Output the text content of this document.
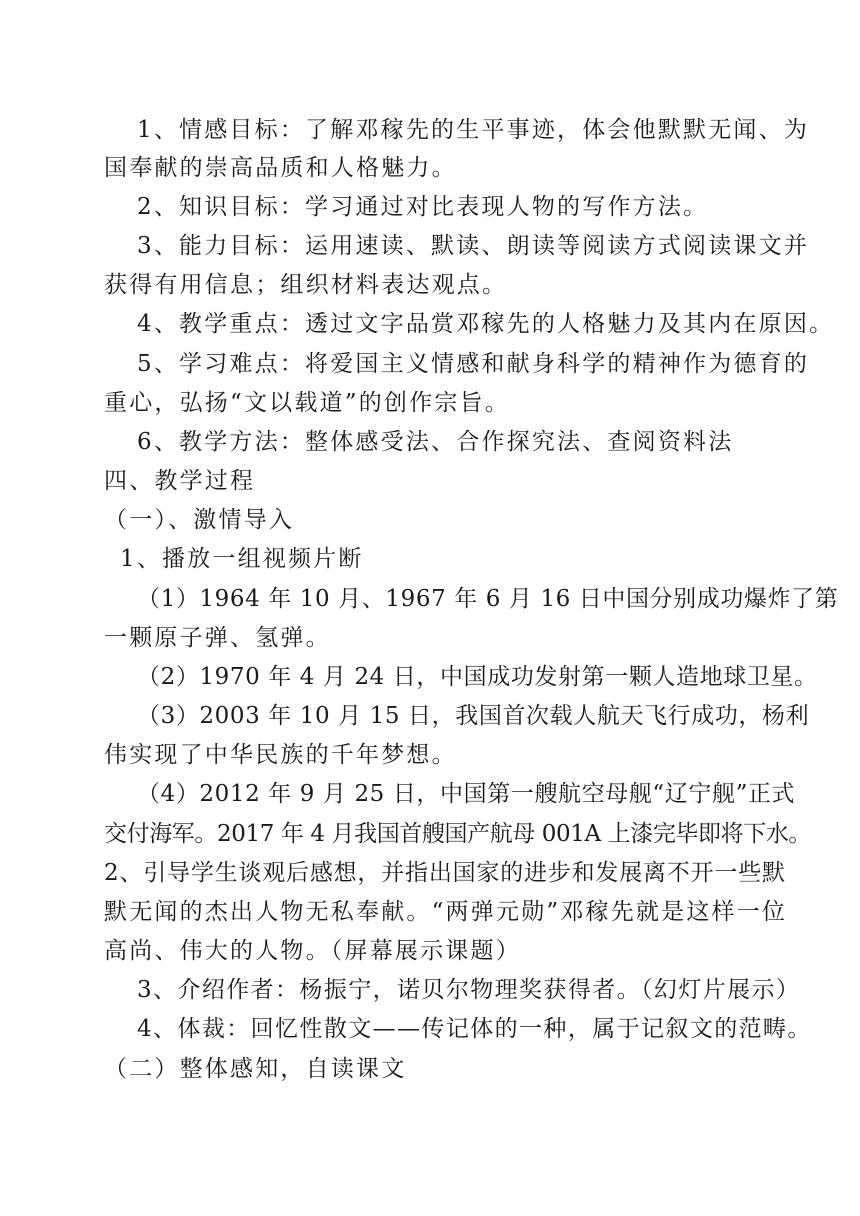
1、情感目标：了解邓稼先的生平事迹，体会他默默无闻、为
国奉献的崇高品质和人格魅力。
2、知识目标：学习通过对比表现人物的写作方法。
3、能力目标：运用速读、默读、朗读等阅读方式阅读课文并
获得有用信息；组织材料表达观点。
4、教学重点：透过文字品赏邓稼先的人格魅力及其内在原因。
5、学习难点：将爱国主义情感和献身科学的精神作为德育的
重心，弘扬“文以载道”的创作宗旨。
6、教学方法：整体感受法、合作探究法、查阅资料法
四、教学过程
（一）、激情导入
1、播放一组视频片断
（1）1964 年 10 月、1967 年 6 月 16 日中国分别成功爆炸了第
一颗原子弹、氢弹。
（2）1970 年 4 月 24 日，中国成功发射第一颗人造地球卫星。
（3）2003 年 10 月 15 日，我国首次载人航天飞行成功，杨利
伟实现了中华民族的千年梦想。
（4）2012 年 9 月 25 日，中国第一艘航空母舰“辽宁舰”正式
交付海军。2017 年 4 月我国首艘国产航母 001A 上漆完毕即将下水。
2、引导学生谈观后感想，并指出国家的进步和发展离不开一些默
默无闻的杰出人物无私奉献。“两弹元勋”邓稼先就是这样一位
高尚、伟大的人物。（屏幕展示课题）
3、介绍作者：杨振宁，诺贝尔物理奖获得者。（幻灯片展示）
4、体裁：回忆性散文——传记体的一种，属于记叙文的范畴。
（二）整体感知，自读课文
